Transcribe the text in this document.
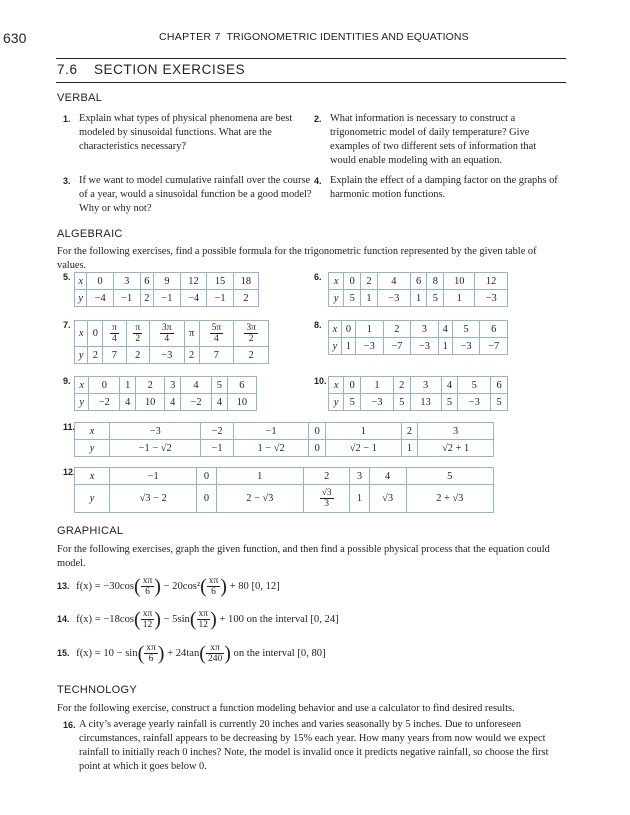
630	CHAPTER 7 TRIGONOMETRIC IDENTITIES AND EQUATIONS
7.6 SECTION EXERCISES
VERBAL
1. Explain what types of physical phenomena are best modeled by sinusoidal functions. What are the characteristics necessary?
2. What information is necessary to construct a trigonometric model of daily temperature? Give examples of two different sets of information that would enable modeling with an equation.
3. If we want to model cumulative rainfall over the course of a year, would a sinusoidal function be a good model? Why or why not?
4. Explain the effect of a damping factor on the graphs of harmonic motion functions.
ALGEBRAIC
For the following exercises, find a possible formula for the trigonometric function represented by the given table of values.
5. x	0	3	6	9	12	15	18
y	−4	−1	2	−1	−4	−1	2
6. x	0	2	4	6	8	10	12
y	5	1	−3	1	5	1	−3
7.
x	0	$\frac{\pi}{4}$	$\frac{\pi}{2}$	$\frac{3\pi}{4}$	π	$\frac{5\pi}{4}$	$\frac{3\pi}{2}$

y	2	7	2	−3	2	7	2
8. x	0	1	2	3	4	5	6
y	1	−3	−7	−3	1	−3	−7
9. x	0	1	2	3	4	5	6
y	−2	4	10	4	−2	4	10
10. x	0	1	2	3	4	5	6
y	5	−3	5	13	5	−3	5
11. x	−3	−2	−1	0	1	2	3
y	−1 − √2	−1	1 − √2	0	√2 − 1	1	√2 + 1
12. x	−1	0	1	2	3	4	5
y	√3 − 2	0	2 − √3	$\frac{√3}{3}$	1	√3	2 + √3
GRAPHICAL
For the following exercises, graph the given function, and then find a possible physical process that the equation could model.
13. $f(x) = -30\cos( \frac{x\pi}{6}$ ) − $20\cos^2( \frac{x\pi}{6}$ ) + 80 [0, 12]
14. $f(x) = -18\cos( \frac{x\pi}{12}$ ) − $5\sin( \frac{x\pi}{12}$ ) + 100 on the interval [0, 24]
15. $f(x) = 10 - \sin( \frac{x\pi}{6}$ ) + $24\tan( \frac{x\pi}{240}$ ) on the interval [0, 80]
TECHNOLOGY
For the following exercise, construct a function modeling behavior and use a calculator to find desired results.
16. A city’s average yearly rainfall is currently 20 inches and varies seasonally by 5 inches. Due to unforeseen circumstances, rainfall appears to be decreasing by 15% each year. How many years from now would we expect rainfall to initially reach 0 inches? Note, the model is invalid once it predicts negative rainfall, so choose the first point at which it goes below 0.
